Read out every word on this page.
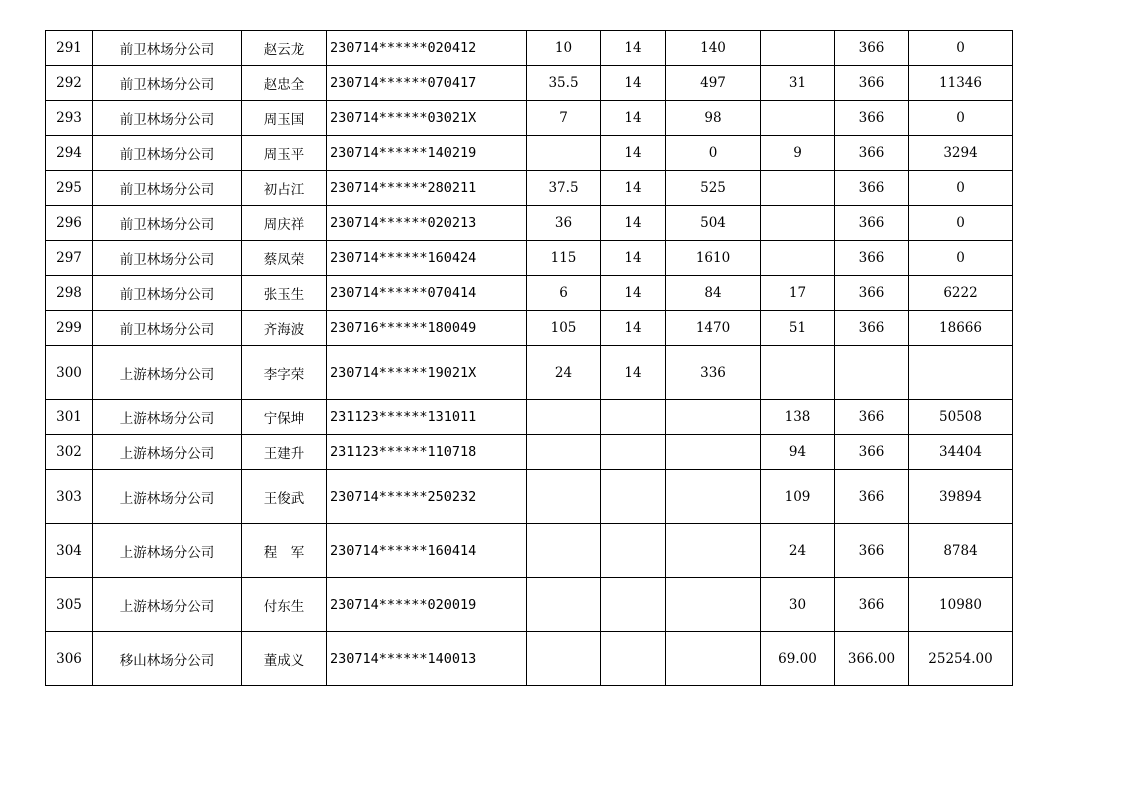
291	前卫林场分公司	赵云龙	230714******020412	10	14	140		366	0
292	前卫林场分公司	赵忠全	230714******070417	35.5	14	497	31	366	11346
293	前卫林场分公司	周玉国	230714******03021X	7	14	98		366	0
294	前卫林场分公司	周玉平	230714******140219		14	0	9	366	3294
295	前卫林场分公司	初占江	230714******280211	37.5	14	525		366	0
296	前卫林场分公司	周庆祥	230714******020213	36	14	504		366	0
297	前卫林场分公司	蔡凤荣	230714******160424	115	14	1610		366	0
298	前卫林场分公司	张玉生	230714******070414	6	14	84	17	366	6222
299	前卫林场分公司	齐海波	230716******180049	105	14	1470	51	366	18666
300	上游林场分公司	李字荣	230714******19021X	24	14	336			
301	上游林场分公司	宁保坤	231123******131011				138	366	50508
302	上游林场分公司	王建升	231123******110718				94	366	34404
303	上游林场分公司	王俊武	230714******250232				109	366	39894
304	上游林场分公司	程　军	230714******160414				24	366	8784
305	上游林场分公司	付东生	230714******020019				30	366	10980
306	移山林场分公司	董成义	230714******140013				69.00	366.00	25254.00
